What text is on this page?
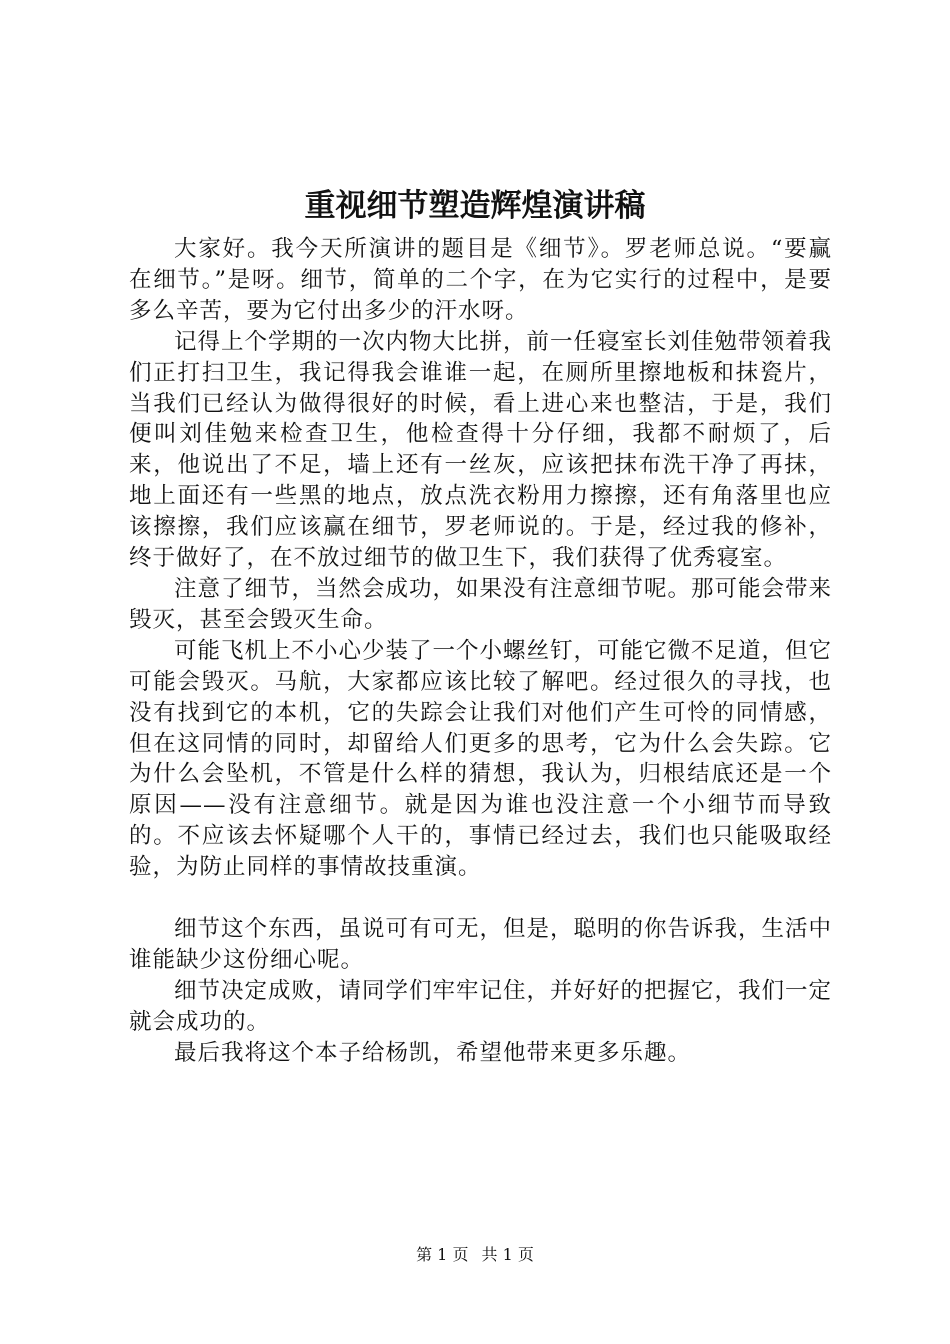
重视细节塑造辉煌演讲稿

大家好。我今天所演讲的题目是《细节》。罗老师总说。“要赢在细节。”是呀。细节，简单的二个字，在为它实行的过程中，是要多么辛苦，要为它付出多少的汗水呀。

记得上个学期的一次内物大比拼，前一任寝室长刘佳勉带领着我们正打扫卫生，我记得我会谁谁一起，在厕所里擦地板和抹瓷片，当我们已经认为做得很好的时候，看上进心来也整洁，于是，我们便叫刘佳勉来检查卫生，他检查得十分仔细，我都不耐烦了，后来，他说出了不足，墙上还有一丝灰，应该把抹布洗干净了再抹，地上面还有一些黑的地点，放点洗衣粉用力擦擦，还有角落里也应该擦擦，我们应该赢在细节，罗老师说的。于是，经过我的修补，终于做好了，在不放过细节的做卫生下，我们获得了优秀寝室。

注意了细节，当然会成功，如果没有注意细节呢。那可能会带来毁灭，甚至会毁灭生命。

可能飞机上不小心少装了一个小螺丝钉，可能它微不足道，但它可能会毁灭。马航，大家都应该比较了解吧。经过很久的寻找，也没有找到它的本机，它的失踪会让我们对他们产生可怜的同情感，但在这同情的同时，却留给人们更多的思考，它为什么会失踪。它为什么会坠机，不管是什么样的猜想，我认为，归根结底还是一个原因——没有注意细节。就是因为谁也没注意一个小细节而导致的。不应该去怀疑哪个人干的，事情已经过去，我们也只能吸取经验，为防止同样的事情故技重演。

细节这个东西，虽说可有可无，但是，聪明的你告诉我，生活中谁能缺少这份细心呢。

细节决定成败，请同学们牢牢记住，并好好的把握它，我们一定就会成功的。

最后我将这个本子给杨凯，希望他带来更多乐趣。

第 1 页 共 1 页
